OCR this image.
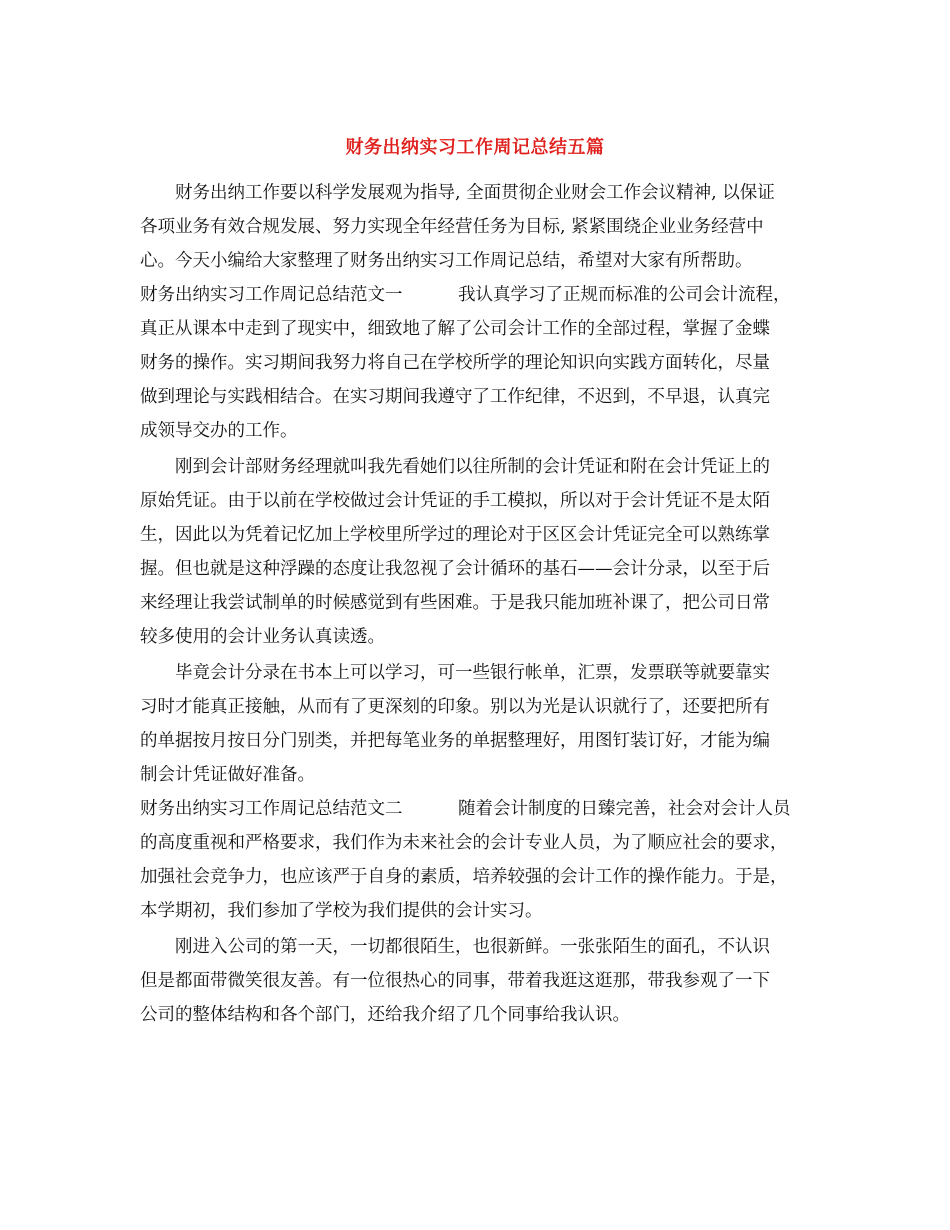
财务出纳实习工作周记总结五篇
财务出纳工作要以科学发展观为指导, 全面贯彻企业财会工作会议精神, 以保证
各项业务有效合规发展、努力实现全年经营任务为目标, 紧紧围绕企业业务经营中
心。今天小编给大家整理了财务出纳实习工作周记总结，希望对大家有所帮助。
财务出纳实习工作周记总结范文一	我认真学习了正规而标准的公司会计流程，
真正从课本中走到了现实中，细致地了解了公司会计工作的全部过程，掌握了金蝶
财务的操作。实习期间我努力将自己在学校所学的理论知识向实践方面转化，尽量
做到理论与实践相结合。在实习期间我遵守了工作纪律，不迟到，不早退，认真完
成领导交办的工作。
刚到会计部财务经理就叫我先看她们以往所制的会计凭证和附在会计凭证上的
原始凭证。由于以前在学校做过会计凭证的手工模拟，所以对于会计凭证不是太陌
生，因此以为凭着记忆加上学校里所学过的理论对于区区会计凭证完全可以熟练掌
握。但也就是这种浮躁的态度让我忽视了会计循环的基石——会计分录，以至于后
来经理让我尝试制单的时候感觉到有些困难。于是我只能加班补课了，把公司日常
较多使用的会计业务认真读透。
毕竟会计分录在书本上可以学习，可一些银行帐单，汇票，发票联等就要靠实
习时才能真正接触，从而有了更深刻的印象。别以为光是认识就行了，还要把所有
的单据按月按日分门别类，并把每笔业务的单据整理好，用图钉装订好，才能为编
制会计凭证做好准备。
财务出纳实习工作周记总结范文二	随着会计制度的日臻完善，社会对会计人员
的高度重视和严格要求，我们作为未来社会的会计专业人员，为了顺应社会的要求，
加强社会竞争力，也应该严于自身的素质，培养较强的会计工作的操作能力。于是，
本学期初，我们参加了学校为我们提供的会计实习。
刚进入公司的第一天，一切都很陌生，也很新鲜。一张张陌生的面孔，不认识
但是都面带微笑很友善。有一位很热心的同事，带着我逛这逛那，带我参观了一下
公司的整体结构和各个部门，还给我介绍了几个同事给我认识。
